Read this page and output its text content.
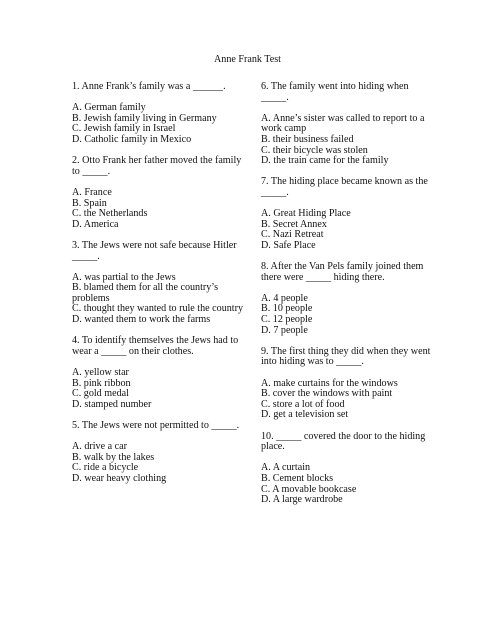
Anne Frank Test
1. Anne Frank’s family was a ______.
A. German family
B. Jewish family living in Germany
C. Jewish family in Israel
D. Catholic family in Mexico
2. Otto Frank her father moved the family to _____.
A. France
B. Spain
C. the Netherlands
D. America
3. The Jews were not safe because Hitler _____.
A. was partial to the Jews
B. blamed them for all the country’s problems
C. thought they wanted to rule the country
D. wanted them to work the farms
4. To identify themselves the Jews had to wear a _____ on their clothes.
A. yellow star
B. pink ribbon
C. gold medal
D. stamped number
5. The Jews were not permitted to _____.
A. drive a car
B. walk by the lakes
C. ride a bicycle
D. wear heavy clothing
6. The family went into hiding when _____.
A. Anne’s sister was called to report to a work camp
B. their business failed
C. their bicycle was stolen
D. the train came for the family
7. The hiding place became known as the _____.
A. Great Hiding Place
B. Secret Annex
C. Nazi Retreat
D. Safe Place
8. After the Van Pels family joined them there were _____ hiding there.
A. 4 people
B. 10 people
C. 12 people
D. 7 people
9. The first thing they did when they went into hiding was to _____.
A. make curtains for the windows
B. cover the windows with paint
C. store a lot of food
D. get a television set
10. _____ covered the door to the hiding place.
A. A curtain
B. Cement blocks
C. A movable bookcase
D. A large wardrobe
